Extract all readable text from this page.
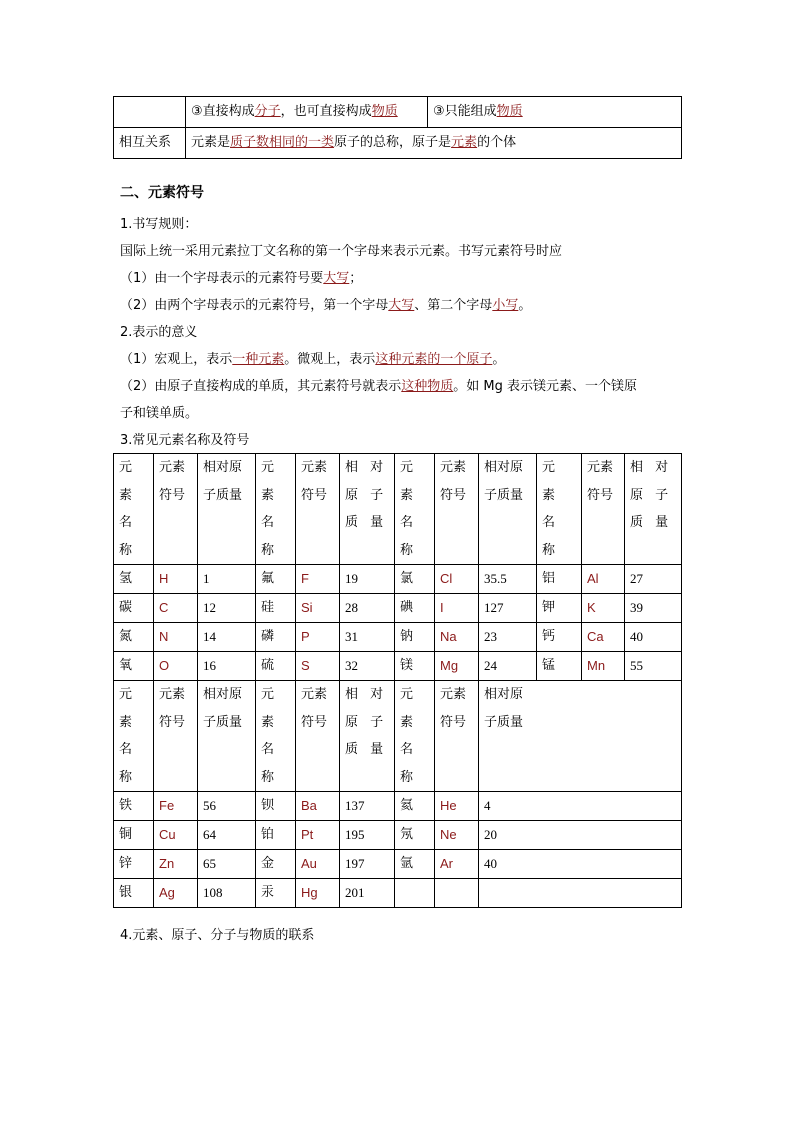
	③直接构成分子，也可直接构成物质	③只能组成物质
相互关系	元素是质子数相同的一类原子的总称，原子是元素的个体	
二、元素符号
1.书写规则：
国际上统一采用元素拉丁文名称的第一个字母来表示元素。书写元素符号时应
（1）由一个字母表示的元素符号要大写；
（2）由两个字母表示的元素符号，第一个字母大写、第二个字母小写。
2.表示的意义
（1）宏观上，表示一种元素。微观上，表示这种元素的一个原子。
（2）由原子直接构成的单质，其元素符号就表示这种物质。如 Mg 表示镁元素、一个镁原
子和镁单质。
3.常见元素名称及符号
元素名称	元素符号	相对原子质量	元素名称	元素符号	相 对 原 子 质 量	元素名称	元素符号	相对原子质量	元素名称	元素符号	相 对 原 子 质 量

氢	H	1	氟	F	19	氯	Cl	35.5	铝	Al	27
碳	C	12	硅	Si	28	碘	I	127	钾	K	39
氮	N	14	磷	P	31	钠	Na	23	钙	Ca	40
氧	O	16	硫	S	32	镁	Mg	24	锰	Mn	55

元素名称	元素符号	相对原子质量	元素名称	元素符号	相 对 原 子 质 量	元素名称	元素符号	相对原子质量			

铁	Fe	56	钡	Ba	137	氦	He	4			
铜	Cu	64	铂	Pt	195	氖	Ne	20			
锌	Zn	65	金	Au	197	氩	Ar	40			
银	Ag	108	汞	Hg	201						
4.元素、原子、分子与物质的联系
